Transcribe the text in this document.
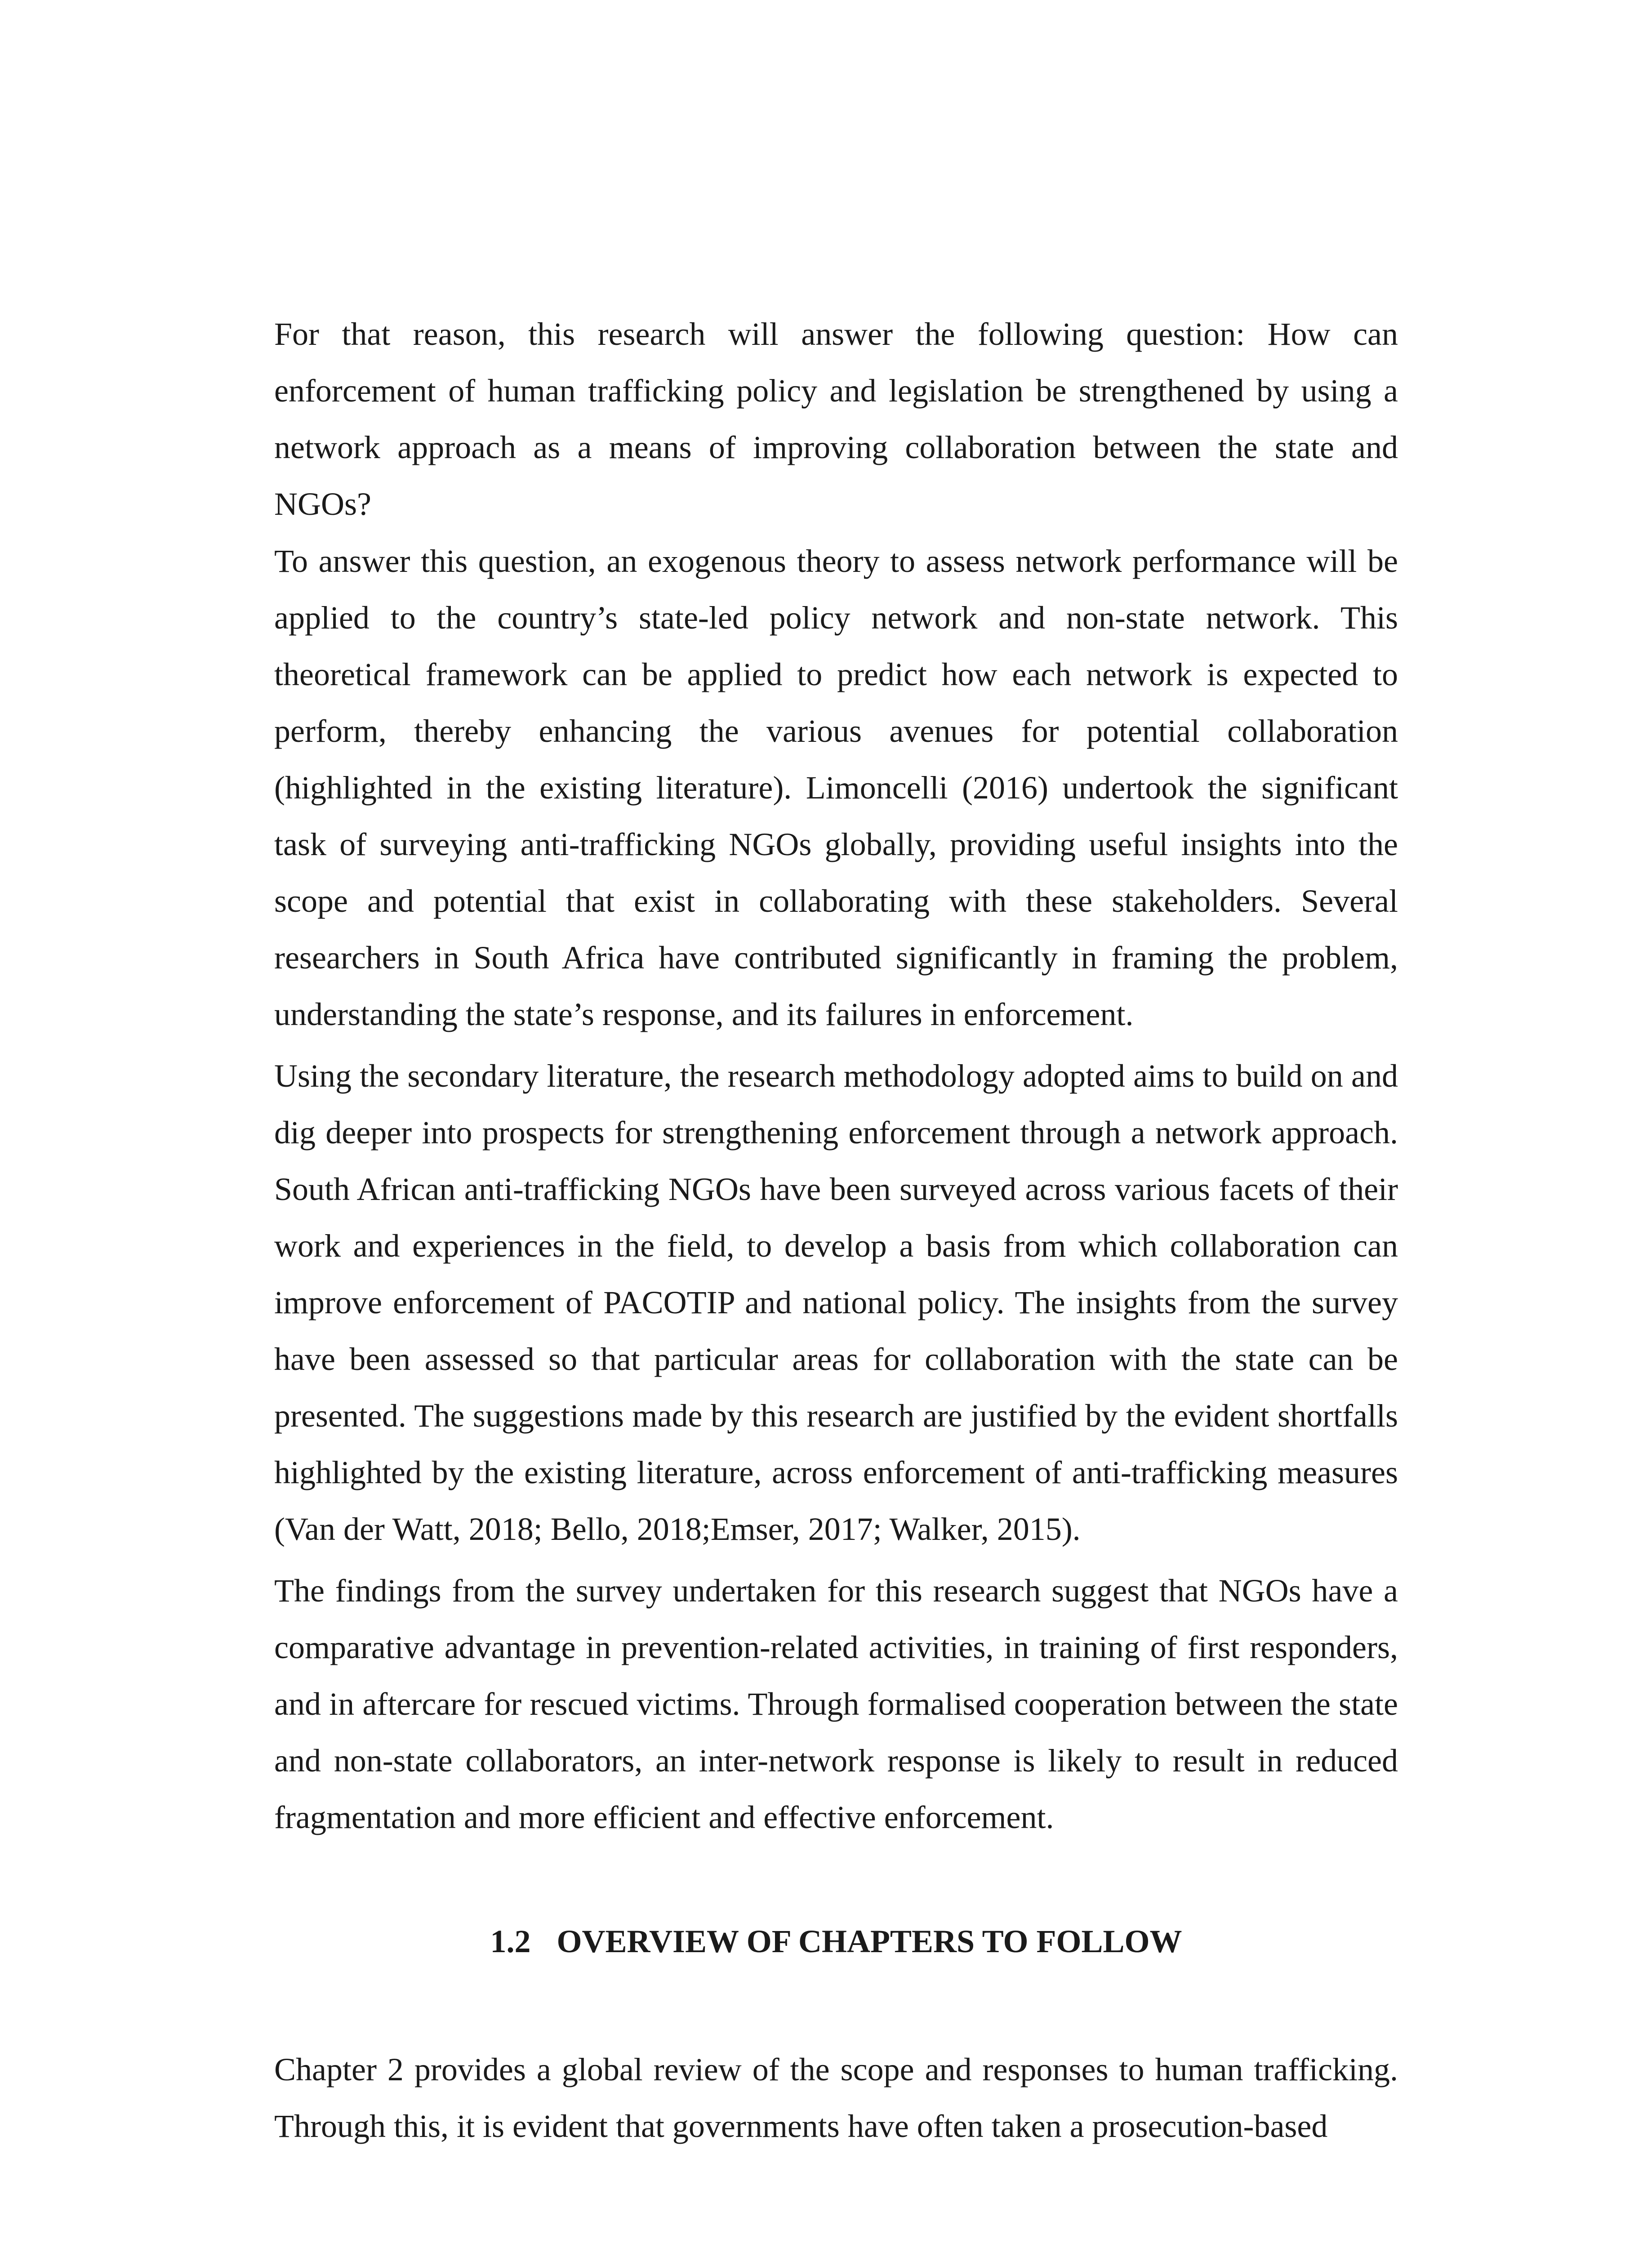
For that reason, this research will answer the following question: How can enforcement of human trafficking policy and legislation be strengthened by using a network approach as a means of improving collaboration between the state and NGOs?

To answer this question, an exogenous theory to assess network performance will be applied to the country’s state-led policy network and non-state network. This theoretical framework can be applied to predict how each network is expected to perform, thereby enhancing the various avenues for potential collaboration (highlighted in the existing literature). Limoncelli (2016) undertook the significant task of surveying anti-trafficking NGOs globally, providing useful insights into the scope and potential that exist in collaborating with these stakeholders. Several researchers in South Africa have contributed significantly in framing the problem, understanding the state’s response, and its failures in enforcement.

Using the secondary literature, the research methodology adopted aims to build on and dig deeper into prospects for strengthening enforcement through a network approach. South African anti-trafficking NGOs have been surveyed across various facets of their work and experiences in the field, to develop a basis from which collaboration can improve enforcement of PACOTIP and national policy. The insights from the survey have been assessed so that particular areas for collaboration with the state can be presented. The suggestions made by this research are justified by the evident shortfalls highlighted by the existing literature, across enforcement of anti-trafficking measures (Van der Watt, 2018; Bello, 2018;Emser, 2017; Walker, 2015).

The findings from the survey undertaken for this research suggest that NGOs have a comparative advantage in prevention-related activities, in training of first responders, and in aftercare for rescued victims. Through formalised cooperation between the state and non-state collaborators, an inter-network response is likely to result in reduced fragmentation and more efficient and effective enforcement.

1.2 OVERVIEW OF CHAPTERS TO FOLLOW

Chapter 2 provides a global review of the scope and responses to human trafficking. Through this, it is evident that governments have often taken a prosecution-based
